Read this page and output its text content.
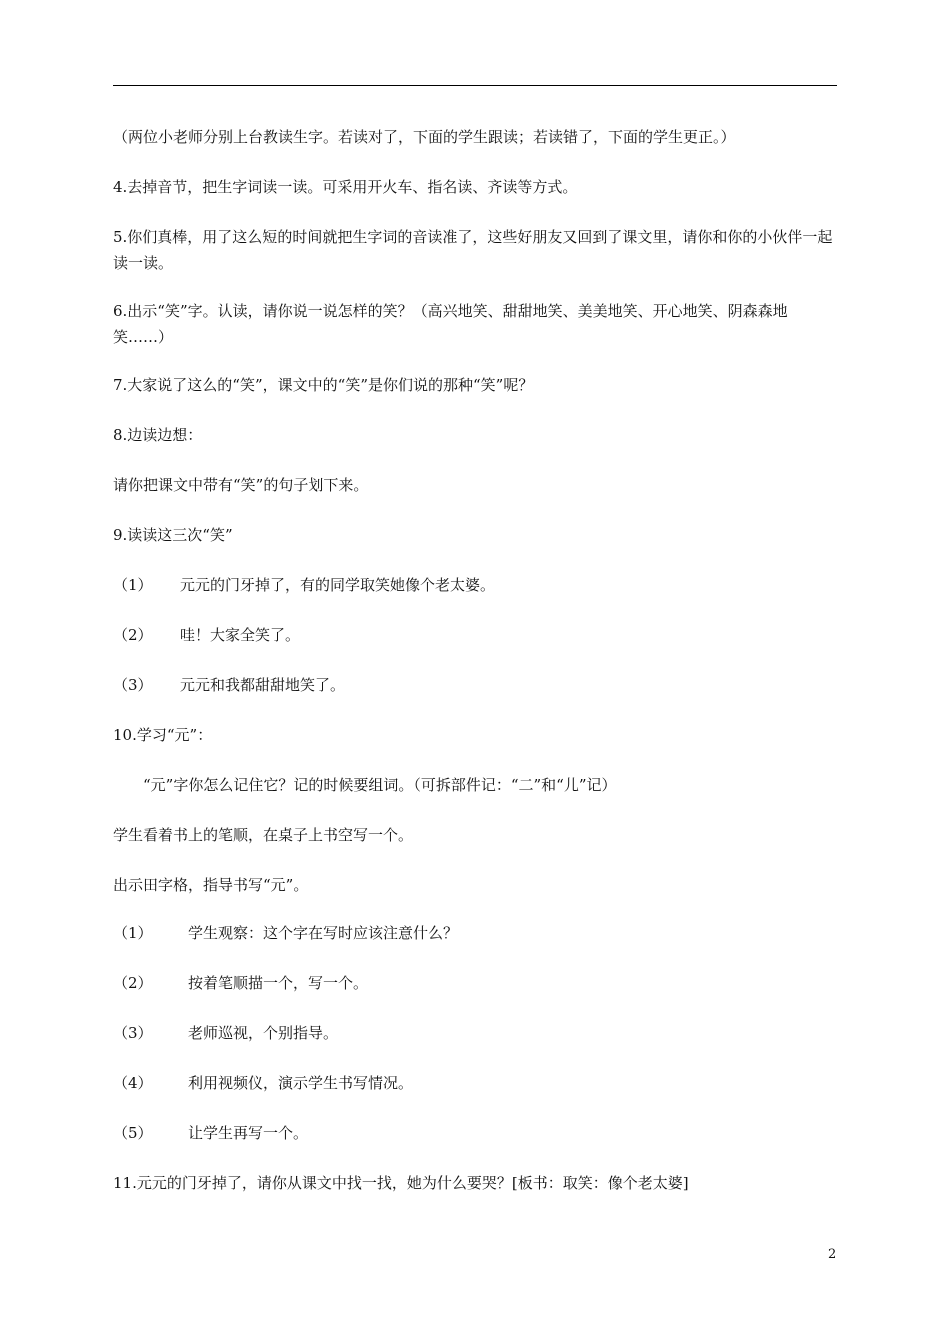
（两位小老师分别上台教读生字。若读对了，下面的学生跟读；若读错了，下面的学生更正。）

4.去掉音节，把生字词读一读。可采用开火车、指名读、齐读等方式。

5.你们真棒，用了这么短的时间就把生字词的音读准了，这些好朋友又回到了课文里，请你和你的小伙伴一起读一读。

6.出示“笑”字。认读，请你说一说怎样的笑？（高兴地笑、甜甜地笑、美美地笑、开心地笑、阴森森地笑……）

7.大家说了这么的“笑”，课文中的“笑”是你们说的那种“笑”呢？

8.边读边想：

请你把课文中带有“笑”的句子划下来。

9.读读这三次“笑”

（1） 元元的门牙掉了，有的同学取笑她像个老太婆。
（2） 哇！大家全笑了。
（3） 元元和我都甜甜地笑了。

10.学习“元”：

“元”字你怎么记住它？记的时候要组词。（可拆部件记：“二”和“儿”记）

学生看着书上的笔顺，在桌子上书空写一个。

出示田字格，指导书写“元”。

（1） 学生观察：这个字在写时应该注意什么？
（2） 按着笔顺描一个，写一个。
（3） 老师巡视，个别指导。
（4） 利用视频仪，演示学生书写情况。
（5） 让学生再写一个。

11.元元的门牙掉了，请你从课文中找一找，她为什么要哭？[板书：取笑：像个老太婆]

2
